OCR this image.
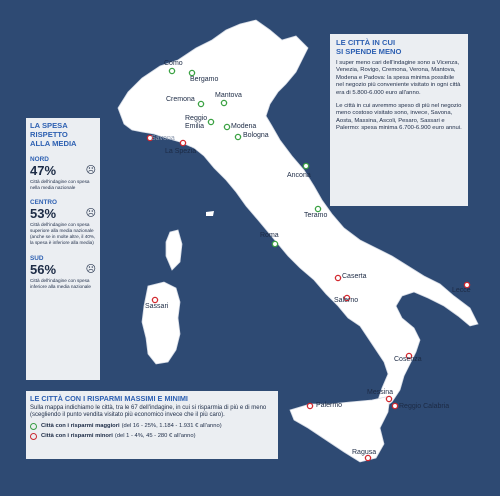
Como
Bergamo
Mantova
Cremona
Reggio Emilia	Modena
Bologna
Ancona
Teramo
Roma
Savona
La Spezia
Sassari
Caserta
Salerno
Lecce
Cosenza
Messina
Reggio Calabria
Palermo
Ragusa
LE CITTÀ IN CUI
SI SPENDE MENO

I super meno cari dell'indagine sono a Vicenza, Venezia, Rovigo, Cremona, Verona, Mantova, Modena e Padova: la spesa minima possibile nel negozio più conveniente visitato in ogni città era di 5.800-6.000 euro all'anno.

Le città in cui avremmo speso di più nel negozio meno costoso visitato sono, invece, Savona, Aosta, Massina, Ascoli, Pesaro, Sassari e Palermo: spesa minima 6.700-6.900 euro annui.

LA SPESA
RISPETTO
ALLA MEDIA
NORD
47%	☹
Città dell'indagine con spesa nella media nazionale
CENTRO
53%	☹
Città dell'indagine con spesa superiore alla media nazionale (anche se in molte altre, il 40%, la spesa è inferiore alla media)
SUD
56%	☹
Città dell'indagine con spesa inferiore alla media nazionale
LE CITTÀ CON I RISPARMI MASSIMI E MINIMI
Sulla mappa indichiamo le città, tra le 67 dell'indagine, in cui si risparmia di più e di meno (scegliendo il punto vendita visitato più economico invece che il più caro).
Città con i risparmi maggiori (del 16 - 25%, 1.184 - 1.931 € all'anno)
Città con i risparmi minori (del 1 - 4%, 45 - 280 € all'anno)
